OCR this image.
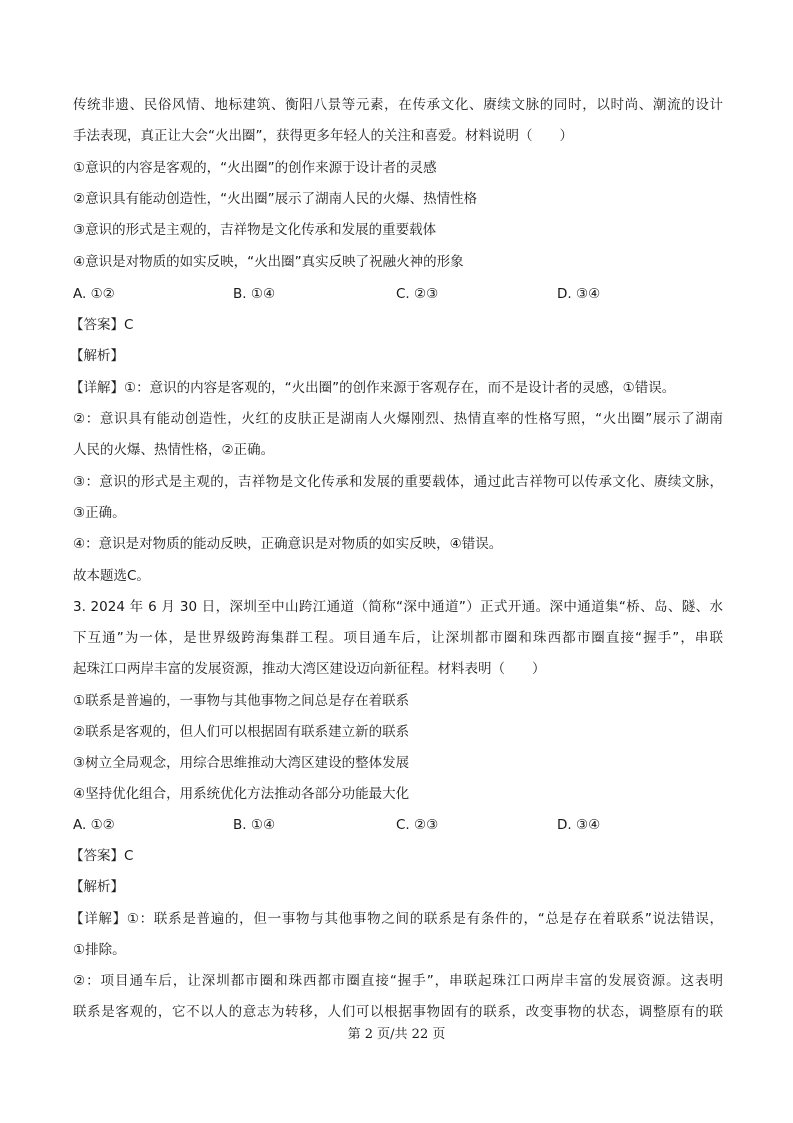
传统非遗、民俗风情、地标建筑、衡阳八景等元素，在传承文化、赓续文脉的同时，以时尚、潮流的设计
手法表现，真正让大会“火出圈”，获得更多年轻人的关注和喜爱。材料说明（　　）
①意识的内容是客观的，“火出圈”的创作来源于设计者的灵感
②意识具有能动创造性，“火出圈”展示了湖南人民的火爆、热情性格
③意识的形式是主观的，吉祥物是文化传承和发展的重要载体
④意识是对物质的如实反映，“火出圈”真实反映了祝融火神的形象
A. ①②	B. ①④	C. ②③	D. ③④
【答案】C
【解析】
【详解】①：意识的内容是客观的，“火出圈”的创作来源于客观存在，而不是设计者的灵感，①错误。
②：意识具有能动创造性，火红的皮肤正是湖南人火爆刚烈、热情直率的性格写照，“火出圈”展示了湖南
人民的火爆、热情性格，②正确。
③：意识的形式是主观的，吉祥物是文化传承和发展的重要载体，通过此吉祥物可以传承文化、赓续文脉，
③正确。
④：意识是对物质的能动反映，正确意识是对物质的如实反映，④错误。
故本题选C。
3. 2024 年 6 月 30 日，深圳至中山跨江通道（简称“深中通道”）正式开通。深中通道集“桥、岛、隧、水
下互通”为一体，是世界级跨海集群工程。项目通车后，让深圳都市圈和珠西都市圈直接“握手”，串联
起珠江口两岸丰富的发展资源，推动大湾区建设迈向新征程。材料表明（　　）
①联系是普遍的，一事物与其他事物之间总是存在着联系
②联系是客观的，但人们可以根据固有联系建立新的联系
③树立全局观念，用综合思维推动大湾区建设的整体发展
④坚持优化组合，用系统优化方法推动各部分功能最大化
A. ①②	B. ①④	C. ②③	D. ③④
【答案】C
【解析】
【详解】①：联系是普遍的，但一事物与其他事物之间的联系是有条件的，“总是存在着联系”说法错误，
①排除。
②：项目通车后，让深圳都市圈和珠西都市圈直接“握手”，串联起珠江口两岸丰富的发展资源。这表明
联系是客观的，它不以人的意志为转移，人们可以根据事物固有的联系，改变事物的状态，调整原有的联
第 2 页/共 22 页
